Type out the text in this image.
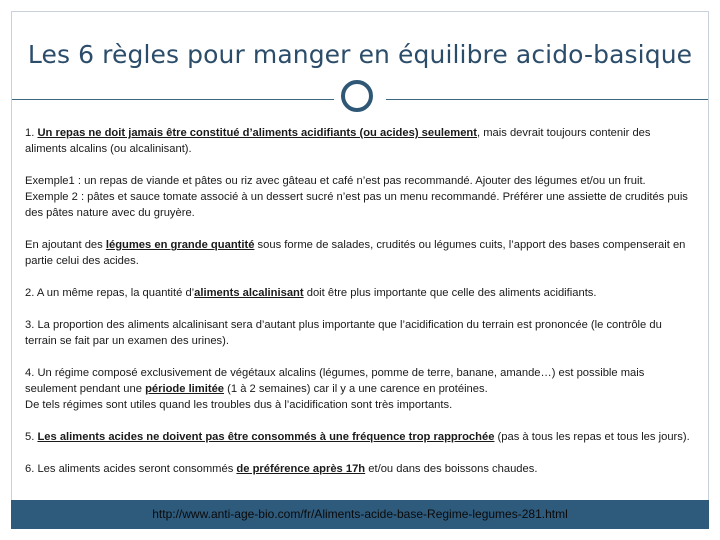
Les 6 règles pour manger en équilibre acido-basique

1. Un repas ne doit jamais être constitué d’aliments acidifiants (ou acides) seulement, mais devrait toujours contenir des aliments alcalins (ou alcalinisant).

Exemple1 : un repas de viande et pâtes ou riz avec gâteau et café n’est pas recommandé. Ajouter des légumes et/ou un fruit.
Exemple 2 : pâtes et sauce tomate associé à un dessert sucré n’est pas un menu recommandé. Préférer une assiette de crudités puis des pâtes nature avec du gruyère.

En ajoutant des légumes en grande quantité sous forme de salades, crudités ou légumes cuits, l’apport des bases compenserait en partie celui des acides.

2. A un même repas, la quantité d’aliments alcalinisant doit être plus importante que celle des aliments acidifiants.

3. La proportion des aliments alcalinisant sera d’autant plus importante que l’acidification du terrain est prononcée (le contrôle du terrain se fait par un examen des urines).

4. Un régime composé exclusivement de végétaux alcalins (légumes, pomme de terre, banane, amande…) est possible mais seulement pendant une période limitée (1 à 2 semaines) car il y a une carence en protéines.
De tels régimes sont utiles quand les troubles dus à l’acidification sont très importants.

5. Les aliments acides ne doivent pas être consommés à une fréquence trop rapprochée (pas à tous les repas et tous les jours).

6. Les aliments acides seront consommés de préférence après 17h et/ou dans des boissons chaudes.

http://www.anti-age-bio.com/fr/Aliments-acide-base-Regime-legumes-281.html
